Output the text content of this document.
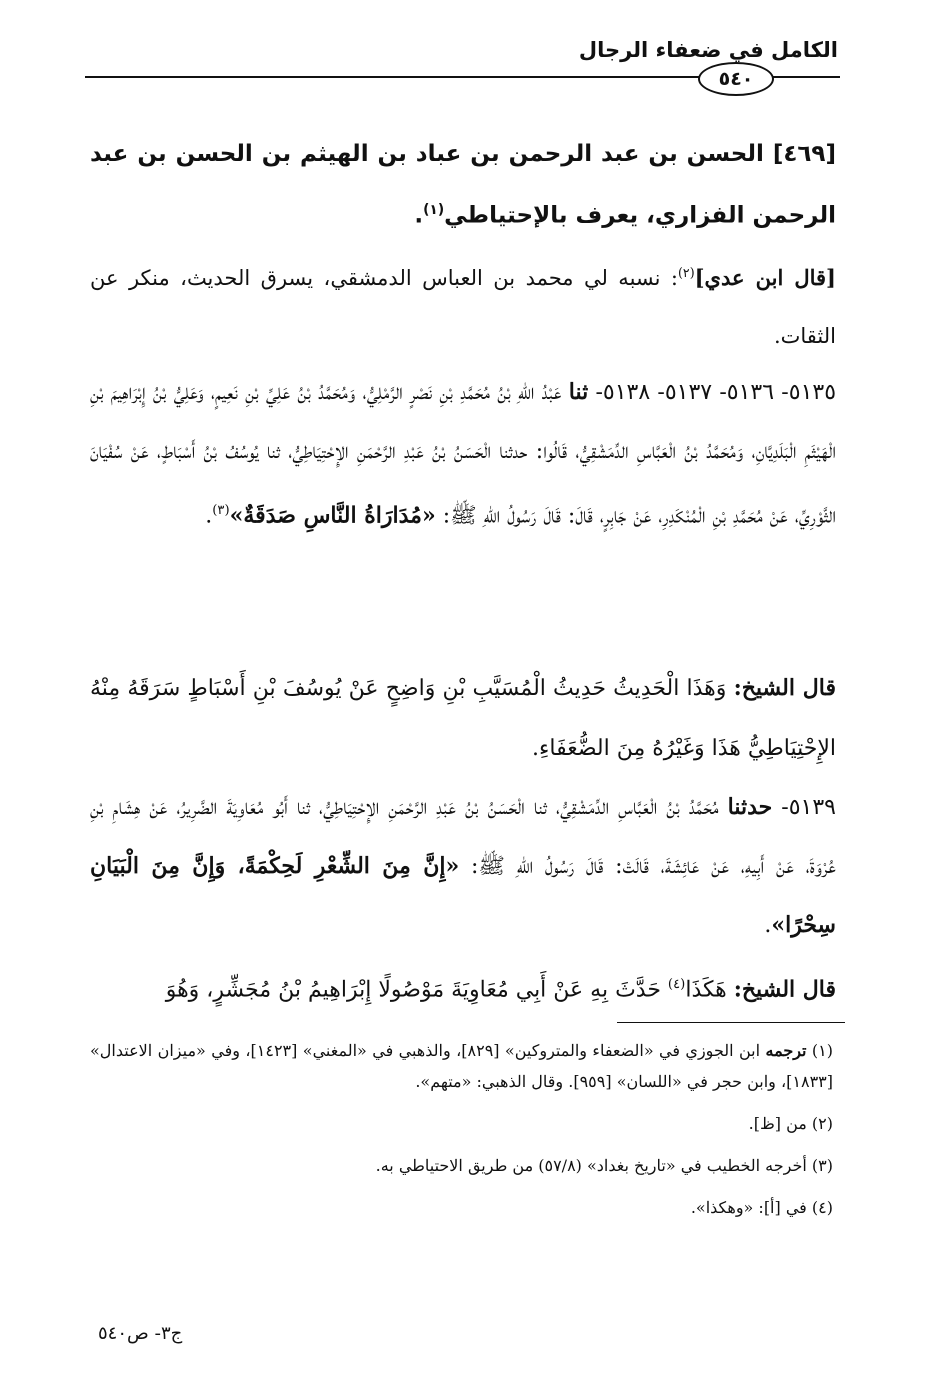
الكامل في ضعفاء الرجال
٥٤٠
[٤٦٩] الحسن بن عبد الرحمن بن عباد بن الهيثم بن الحسن بن عبد الرحمن الفزاري، يعرف بالإحتياطي$^{(١)}$.
[قال ابن عدي]$^{(٢)}$: نسبه لي محمد بن العباس الدمشقي، يسرق الحديث، منكر عن الثقات.
٥١٣٥- ٥١٣٦- ٥١٣٧- ٥١٣٨- ثنا عَبْدُ اللهِ بْنُ مُحَمَّدِ بْنِ نَصْرٍ الرَّمْلِيُّ، وَمُحَمَّدُ بْنُ عَلِيِّ بْنِ نَعِيمٍ، وَعَلِيُّ بْنُ إِبْرَاهِيمَ بْنِ الْهَيْثَمِ الْبَلَدِيَّانِ، وَمُحَمَّدُ بْنُ الْعَبَّاسِ الدِّمَشْقِيُّ، قَالُوا: حدثنا الْحَسَنُ بْنُ عَبْدِ الرَّحْمَنِ الإِحْتِيَاطِيُّ، ثنا يُوسُفُ بْنُ أَسْبَاطٍ، عَنْ سُفْيَانَ الثَّوْرِيِّ، عَنْ مُحَمَّدِ بْنِ الْمُنْكَدِرِ، عَنْ جَابِرٍ، قَالَ: قَالَ رَسُولُ اللهِ ﷺ: «مُدَارَاةُ النَّاسِ صَدَقَةٌ»$^{(٣)}$.
قال الشيخ: وَهَذَا الْحَدِيثُ حَدِيثُ الْمُسَيَّبِ بْنِ وَاضِحٍ عَنْ يُوسُفَ بْنِ أَسْبَاطٍ سَرَقَهُ مِنْهُ الإِحْتِيَاطِيُّ هَذَا وَغَيْرُهُ مِنَ الضُّعَفَاءِ.
٥١٣٩- حدثنا مُحَمَّدُ بْنُ الْعَبَّاسِ الدِّمَشْقِيُّ، ثنا الْحَسَنُ بْنُ عَبْدِ الرَّحْمَنِ الإِحْتِيَاطِيُّ، ثنا أَبُو مُعَاوِيَةَ الضَّرِيرُ، عَنْ هِشَامِ بْنِ عُرْوَةَ، عَنْ أَبِيهِ، عَنْ عَائِشَةَ، قَالَتْ: قَالَ رَسُولُ اللهِ ﷺ: «إِنَّ مِنَ الشِّعْرِ لَحِكْمَةً، وَإِنَّ مِنَ الْبَيَانِ سِحْرًا».
قال الشيخ: هَكَذَا$^{(٤)}$ حَدَّثَ بِهِ عَنْ أَبِي مُعَاوِيَةَ مَوْصُولًا إِبْرَاهِيمُ بْنُ مُجَشِّرٍ، وَهُوَ
(١) ترجمه ابن الجوزي في «الضعفاء والمتروكين» [٨٢٩]، والذهبي في «المغني» [١٤٢٣]، وفي «ميزان الاعتدال» [١٨٣٣]، وابن حجر في «اللسان» [٩٥٩]. وقال الذهبي: «متهم».
(٢) من [ظ].
(٣) أخرجه الخطيب في «تاريخ بغداد» (٥٧/٨) من طريق الاحتياطي به.
(٤) في [أ]: «وهكذا».
ج٣- ص٥٤٠
